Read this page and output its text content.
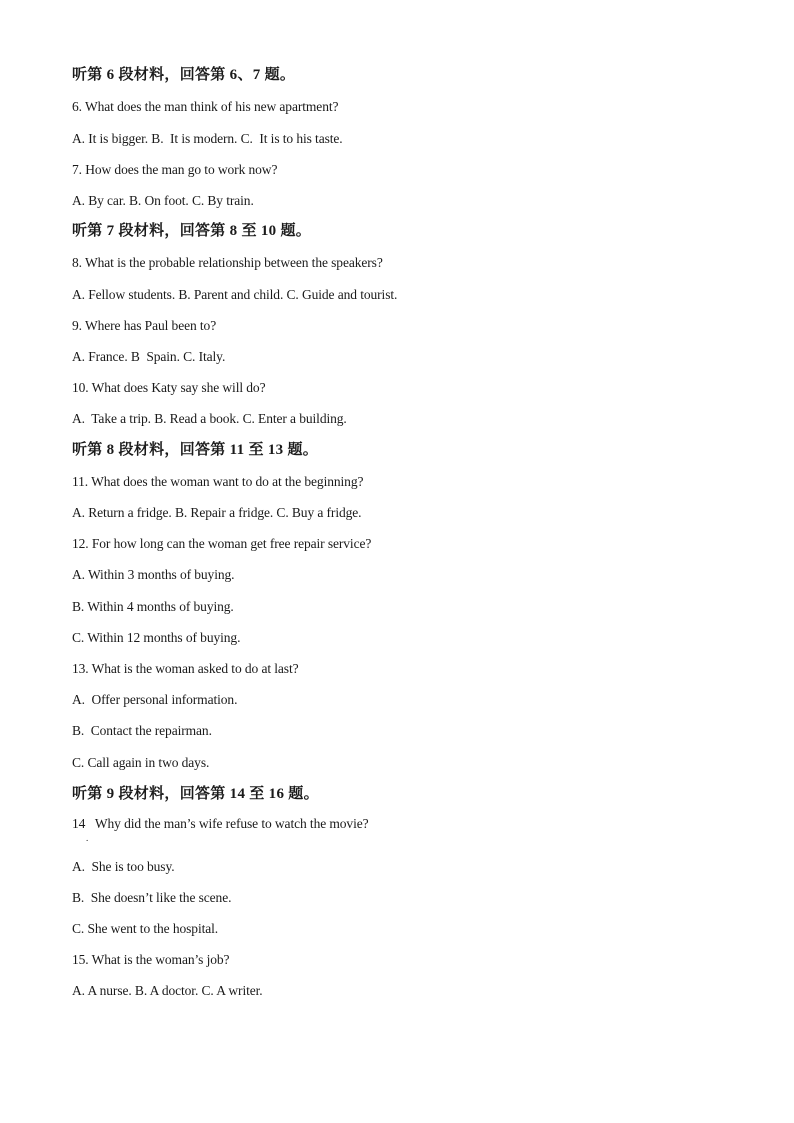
听第 6 段材料，回答第 6、7 题。
6. What does the man think of his new apartment?
A. It is bigger. B.  It is modern. C.  It is to his taste.
7. How does the man go to work now?
A. By car. B. On foot. C. By train.
听第 7 段材料，回答第 8 至 10 题。
8. What is the probable relationship between the speakers?
A. Fellow students. B. Parent and child. C. Guide and tourist.
9. Where has Paul been to?
A. France. B  Spain. C. Italy.
10. What does Katy say she will do?
A.  Take a trip. B. Read a book. C. Enter a building.
听第 8 段材料，回答第 11 至 13 题。
11. What does the woman want to do at the beginning?
A. Return a fridge. B. Repair a fridge. C. Buy a fridge.
12. For how long can the woman get free repair service?
A. Within 3 months of buying.
B. Within 4 months of buying.
C. Within 12 months of buying.
13. What is the woman asked to do at last?
A.  Offer personal information.
B.  Contact the repairman.
C. Call again in two days.
听第 9 段材料，回答第 14 至 16 题。
14   Why did the man’s wife refuse to watch the movie?
.
A.  She is too busy.
B.  She doesn’t like the scene.
C. She went to the hospital.
15. What is the woman’s job?
A. A nurse. B. A doctor. C. A writer.
